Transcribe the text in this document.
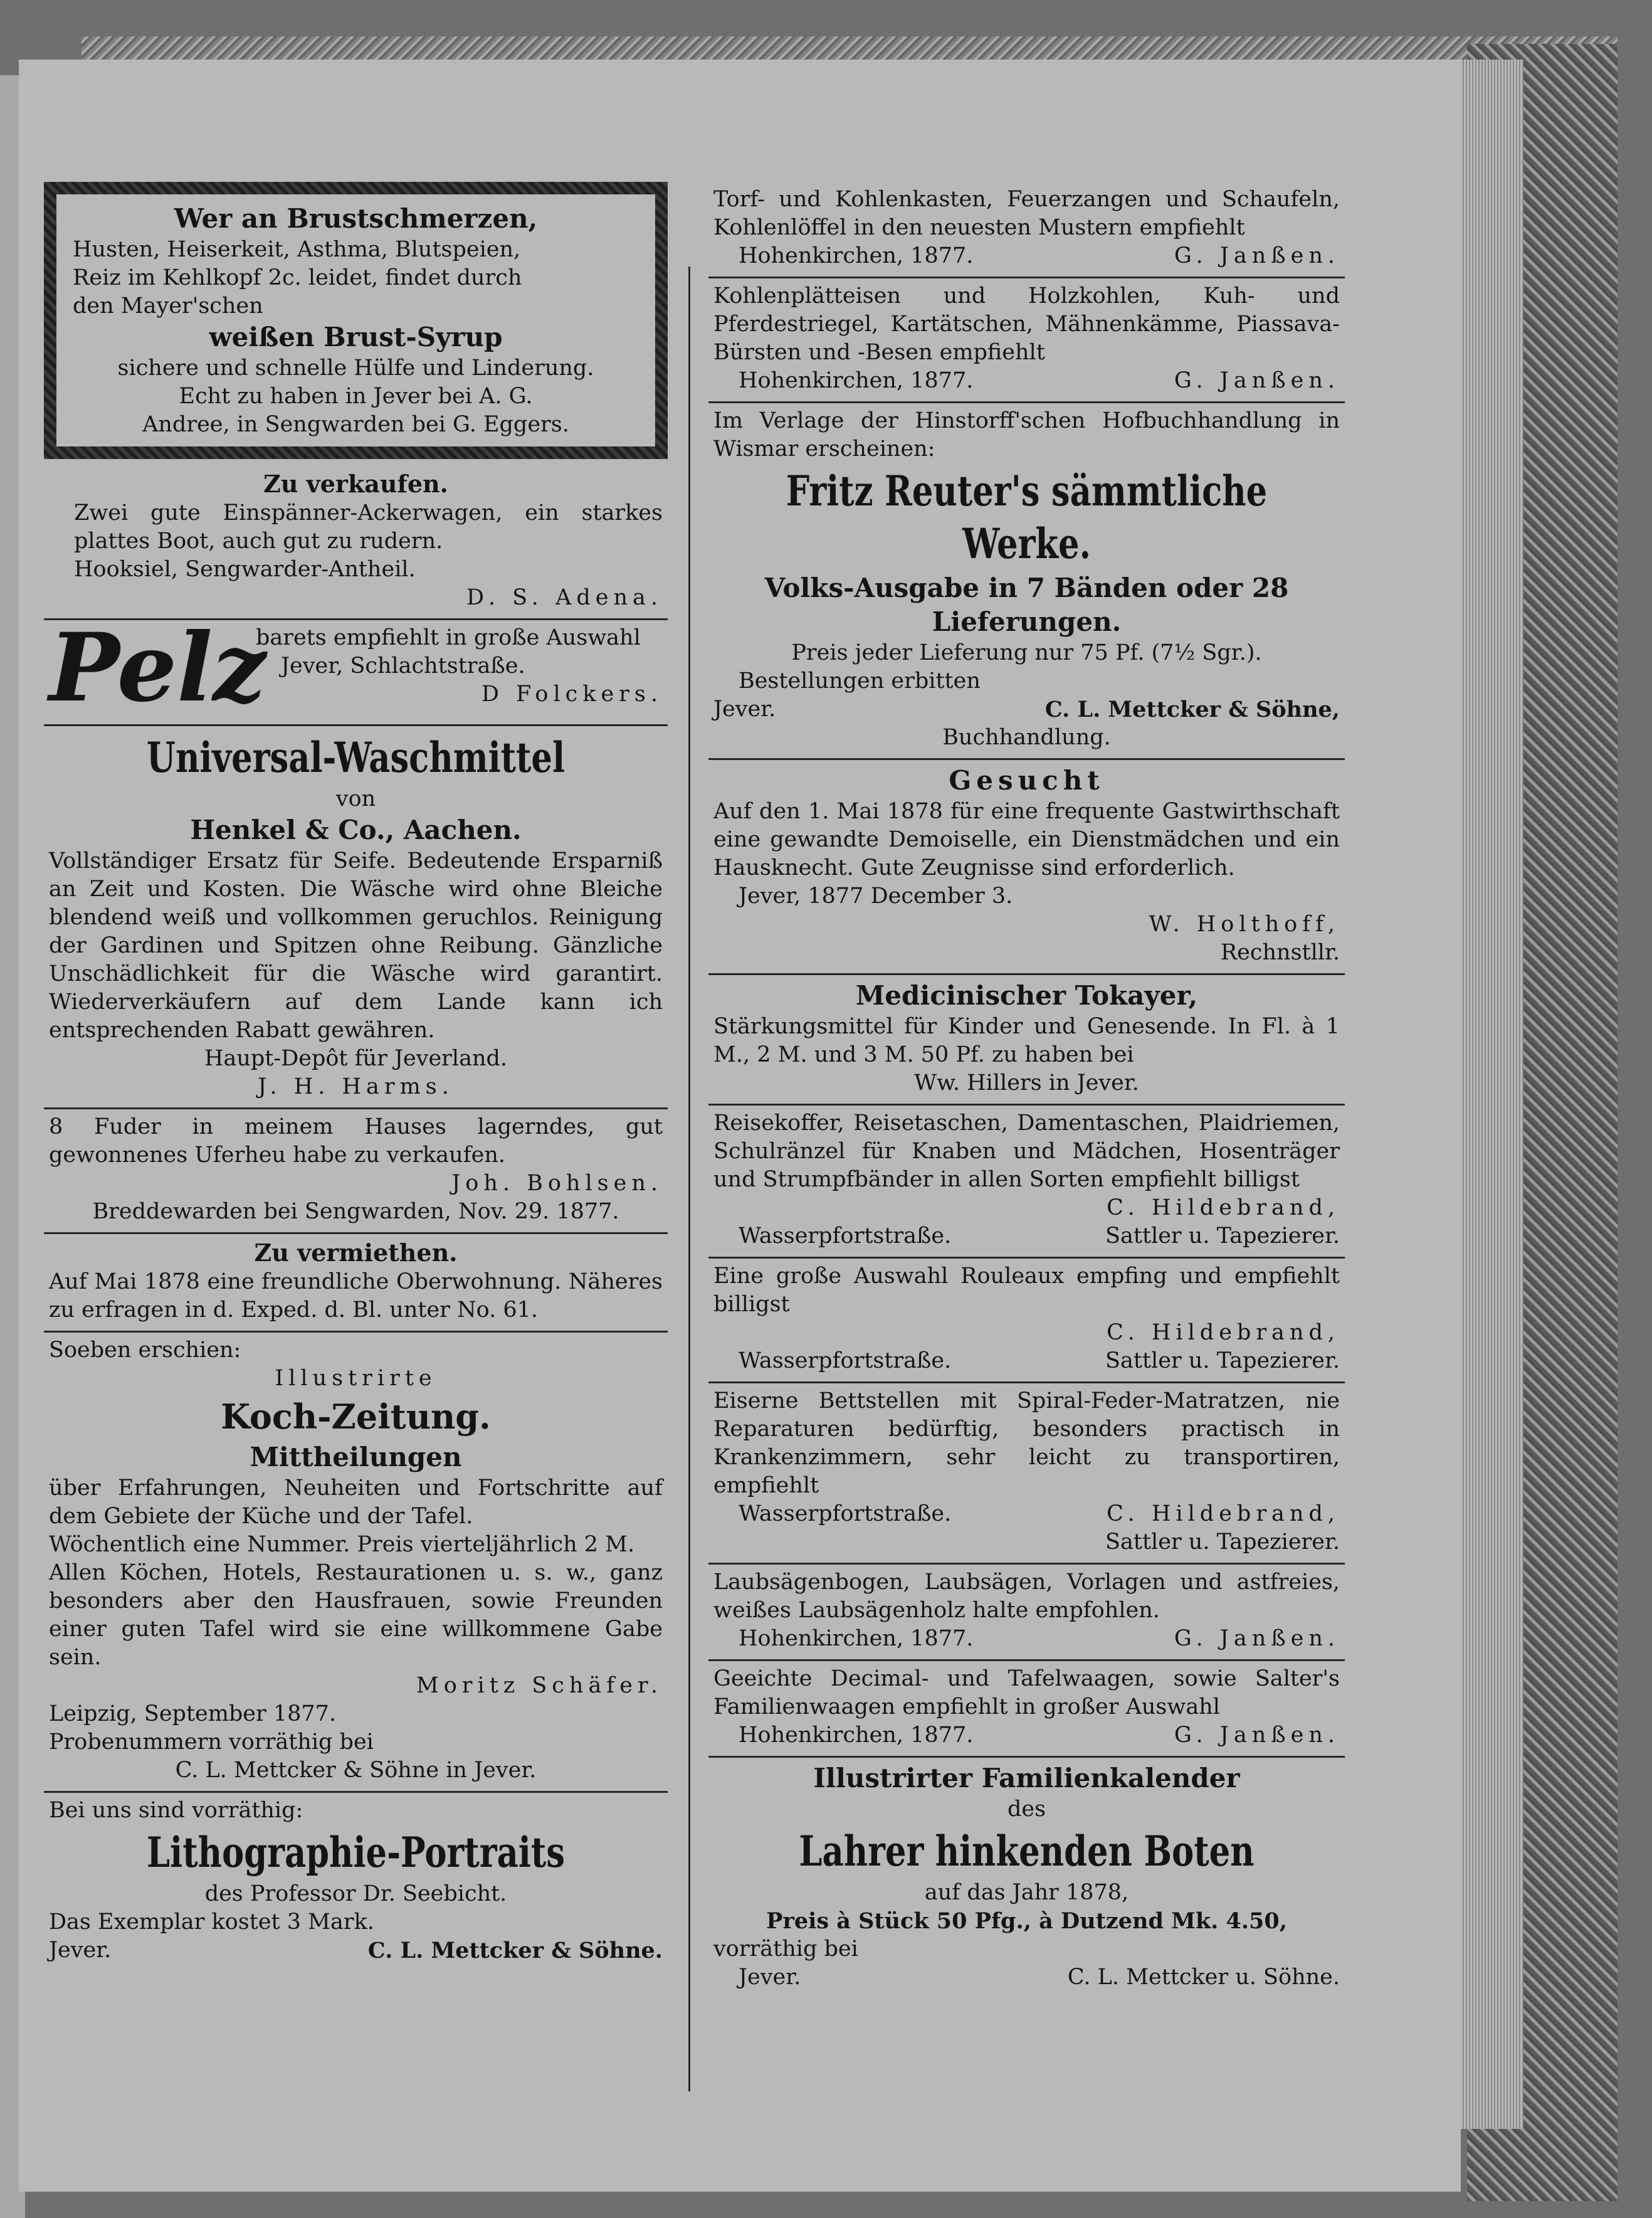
Wer an Brustschmerzen,

Husten, Heiserkeit, Asthma, Blutspeien,

Reiz im Kehlkopf 2c. leidet, findet durch

den Mayer'schen

weißen Brust-Syrup

sichere und schnelle Hülfe und Linderung.

Echt zu haben in Jever bei A. G.

Andree, in Sengwarden bei G. Eggers.

Zu verkaufen.

Zwei gute Einspänner-Ackerwagen, ein starkes plattes Boot, auch gut zu rudern.

Hooksiel, Sengwarder-Antheil.

D. S. Adena.

Pelz

barets empfiehlt in große Auswahl

Jever, Schlachtstraße.

D Folckers.

Universal-Waschmittel

von

Henkel & Co., Aachen.

Vollständiger Ersatz für Seife. Bedeutende Ersparniß an Zeit und Kosten. Die Wäsche wird ohne Bleiche blendend weiß und vollkommen geruchlos. Reinigung der Gardinen und Spitzen ohne Reibung. Gänzliche Unschädlichkeit für die Wäsche wird garantirt. Wiederverkäufern auf dem Lande kann ich entsprechenden Rabatt gewähren.

Haupt-Depôt für Jeverland.

J. H. Harms.

8 Fuder in meinem Hauses lagerndes, gut gewonnenes Uferheu habe zu verkaufen.

Joh. Bohlsen.

Breddewarden bei Sengwarden, Nov. 29. 1877.

Zu vermiethen.

Auf Mai 1878 eine freundliche Oberwohnung. Näheres zu erfragen in d. Exped. d. Bl. unter No. 61.

Soeben erschien:

Illustrirte

Koch-Zeitung.

Mittheilungen

über Erfahrungen, Neuheiten und Fortschritte auf dem Gebiete der Küche und der Tafel.

Wöchentlich eine Nummer. Preis vierteljährlich 2 M.

Allen Köchen, Hotels, Restaurationen u. s. w., ganz besonders aber den Hausfrauen, sowie Freunden einer guten Tafel wird sie eine willkommene Gabe sein.

Moritz Schäfer.

Leipzig, September 1877.

Probenummern vorräthig bei

C. L. Mettcker & Söhne in Jever.

Bei uns sind vorräthig:

Lithographie-Portraits

des Professor Dr. Seebicht.

Das Exemplar kostet 3 Mark.

Jever.	C. L. Mettcker & Söhne.

Torf- und Kohlenkasten, Feuerzangen und Schaufeln, Kohlenlöffel in den neuesten Mustern empfiehlt

Hohenkirchen, 1877.	G. Janßen.

Kohlenplätteisen und Holzkohlen, Kuh- und Pferdestriegel, Kartätschen, Mähnenkämme, Piassava-Bürsten und -Besen empfiehlt

Hohenkirchen, 1877.	G. Janßen.

Im Verlage der Hinstorff'schen Hofbuchhandlung in Wismar erscheinen:

Fritz Reuter's sämmtliche

Werke.

Volks-Ausgabe in 7 Bänden oder 28

Lieferungen.

Preis jeder Lieferung nur 75 Pf. (7½ Sgr.).

Bestellungen erbitten

Jever.	C. L. Mettcker & Söhne,

Buchhandlung.

Gesucht

Auf den 1. Mai 1878 für eine frequente Gastwirthschaft eine gewandte Demoiselle, ein Dienstmädchen und ein Hausknecht. Gute Zeugnisse sind erforderlich.

Jever, 1877 December 3.

W. Holthoff,

Rechnstllr.

Medicinischer Tokayer,

Stärkungsmittel für Kinder und Genesende. In Fl. à 1 M., 2 M. und 3 M. 50 Pf. zu haben bei

Ww. Hillers in Jever.

Reisekoffer, Reisetaschen, Damentaschen, Plaidriemen, Schulränzel für Knaben und Mädchen, Hosenträger und Strumpfbänder in allen Sorten empfiehlt billigst

C. Hildebrand,

Wasserpfortstraße.	Sattler u. Tapezierer.

Eine große Auswahl Rouleaux empfing und empfiehlt billigst

C. Hildebrand,

Wasserpfortstraße.	Sattler u. Tapezierer.

Eiserne Bettstellen mit Spiral-Feder-Matratzen, nie Reparaturen bedürftig, besonders practisch in Krankenzimmern, sehr leicht zu transportiren, empfiehlt

Wasserpfortstraße.	C. Hildebrand,

Sattler u. Tapezierer.

Laubsägenbogen, Laubsägen, Vorlagen und astfreies, weißes Laubsägenholz halte empfohlen.

Hohenkirchen, 1877.	G. Janßen.

Geeichte Decimal- und Tafelwaagen, sowie Salter's Familienwaagen empfiehlt in großer Auswahl

Hohenkirchen, 1877.	G. Janßen.

Illustrirter Familienkalender

des

Lahrer hinkenden Boten

auf das Jahr 1878,

Preis à Stück 50 Pfg., à Dutzend Mk. 4.50,

vorräthig bei

Jever.	C. L. Mettcker u. Söhne.
